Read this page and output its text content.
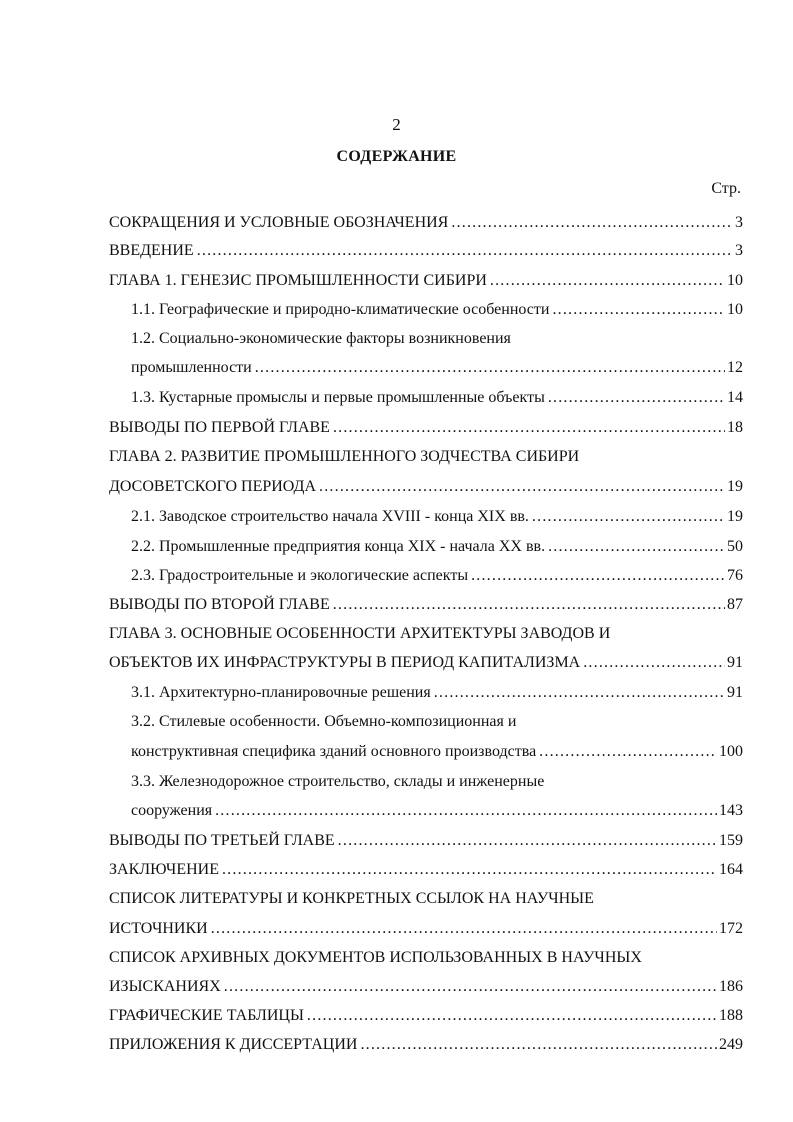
2
СОДЕРЖАНИЕ
Стр.
СОКРАЩЕНИЯ И УСЛОВНЫЕ ОБОЗНАЧЕНИЯ .....	3
ВВЕДЕНИЕ .....	3
ГЛАВА 1. ГЕНЕЗИС ПРОМЫШЛЕННОСТИ СИБИРИ .....	10
1.1. Географические и природно-климатические особенности .....	10
1.2. Социально-экономические факторы возникновения
промышленности .....	12
1.3. Кустарные промыслы и первые промышленные объекты .....	14
ВЫВОДЫ ПО ПЕРВОЙ ГЛАВЕ .....	18
ГЛАВА 2. РАЗВИТИЕ ПРОМЫШЛЕННОГО ЗОДЧЕСТВА СИБИРИ
ДОСОВЕТСКОГО ПЕРИОДА .....	19
2.1. Заводское строительство начала XVIII - конца XIX вв. .....	19
2.2. Промышленные предприятия конца XIX - начала XX вв. .....	50
2.3. Градостроительные и экологические аспекты .....	76
ВЫВОДЫ ПО ВТОРОЙ ГЛАВЕ .....	87
ГЛАВА 3. ОСНОВНЫЕ ОСОБЕННОСТИ АРХИТЕКТУРЫ ЗАВОДОВ И
ОБЪЕКТОВ ИХ ИНФРАСТРУКТУРЫ В ПЕРИОД КАПИТАЛИЗМА .....	91
3.1. Архитектурно-планировочные решения .....	91
3.2. Стилевые особенности. Объемно-композиционная и
конструктивная специфика зданий основного производства .....	100
3.3. Железнодорожное строительство, склады и инженерные
сооружения .....	143
ВЫВОДЫ ПО ТРЕТЬЕЙ ГЛАВЕ .....	159
ЗАКЛЮЧЕНИЕ .....	164
СПИСОК ЛИТЕРАТУРЫ И КОНКРЕТНЫХ ССЫЛОК НА НАУЧНЫЕ
ИСТОЧНИКИ .....	172
СПИСОК АРХИВНЫХ ДОКУМЕНТОВ ИСПОЛЬЗОВАННЫХ В НАУЧНЫХ
ИЗЫСКАНИЯХ .....	186
ГРАФИЧЕСКИЕ ТАБЛИЦЫ .....	188
ПРИЛОЖЕНИЯ К ДИССЕРТАЦИИ .....	249
